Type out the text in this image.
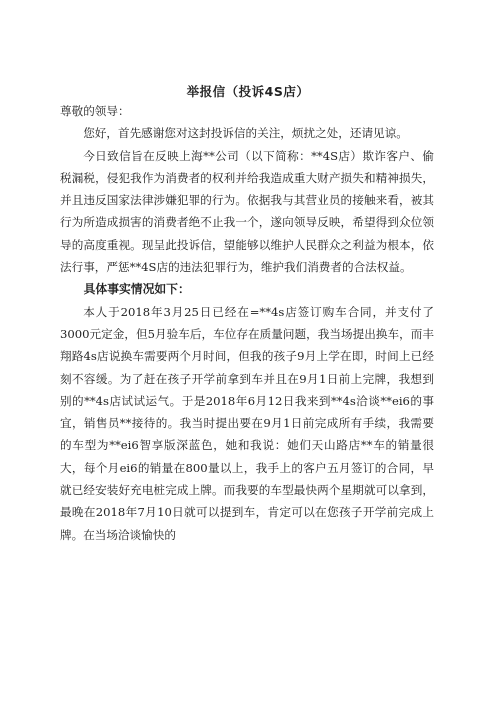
举报信（投诉4S店）

尊敬的领导：

您好，首先感谢您对这封投诉信的关注，烦扰之处，还请见谅。

今日致信旨在反映上海**公司（以下简称：**4S店）欺诈客户、偷税漏税，侵犯我作为消费者的权利并给我造成重大财产损失和精神损失，并且违反国家法律涉嫌犯罪的行为。依据我与其营业员的接触来看，被其行为所造成损害的消费者绝不止我一个，遂向领导反映，希望得到众位领导的高度重视。现呈此投诉信，望能够以维护人民群众之利益为根本，依法行事，严惩**4S店的违法犯罪行为，维护我们消费者的合法权益。

具体事实情况如下：

本人于2018年3月25日已经在=**4s店签订购车合同，并支付了3000元定金，但5月验车后，车位存在质量问题，我当场提出换车，而丰翔路4s店说换车需要两个月时间，但我的孩子9月上学在即，时间上已经刻不容缓。为了赶在孩子开学前拿到车并且在9月1日前上完牌，我想到别的**4s店试试运气。于是2018年6月12日我来到**4s洽谈**ei6的事宜，销售员**接待的。我当时提出要在9月1日前完成所有手续，我需要的车型为**ei6智享版深蓝色，她和我说：她们天山路店**车的销量很大，每个月ei6的销量在800量以上，我手上的客户五月签订的合同，早就已经安装好充电桩完成上牌。而我要的车型最快两个星期就可以拿到，最晚在2018年7月10日就可以提到车，肯定可以在您孩子开学前完成上牌。在当场洽谈愉快的
